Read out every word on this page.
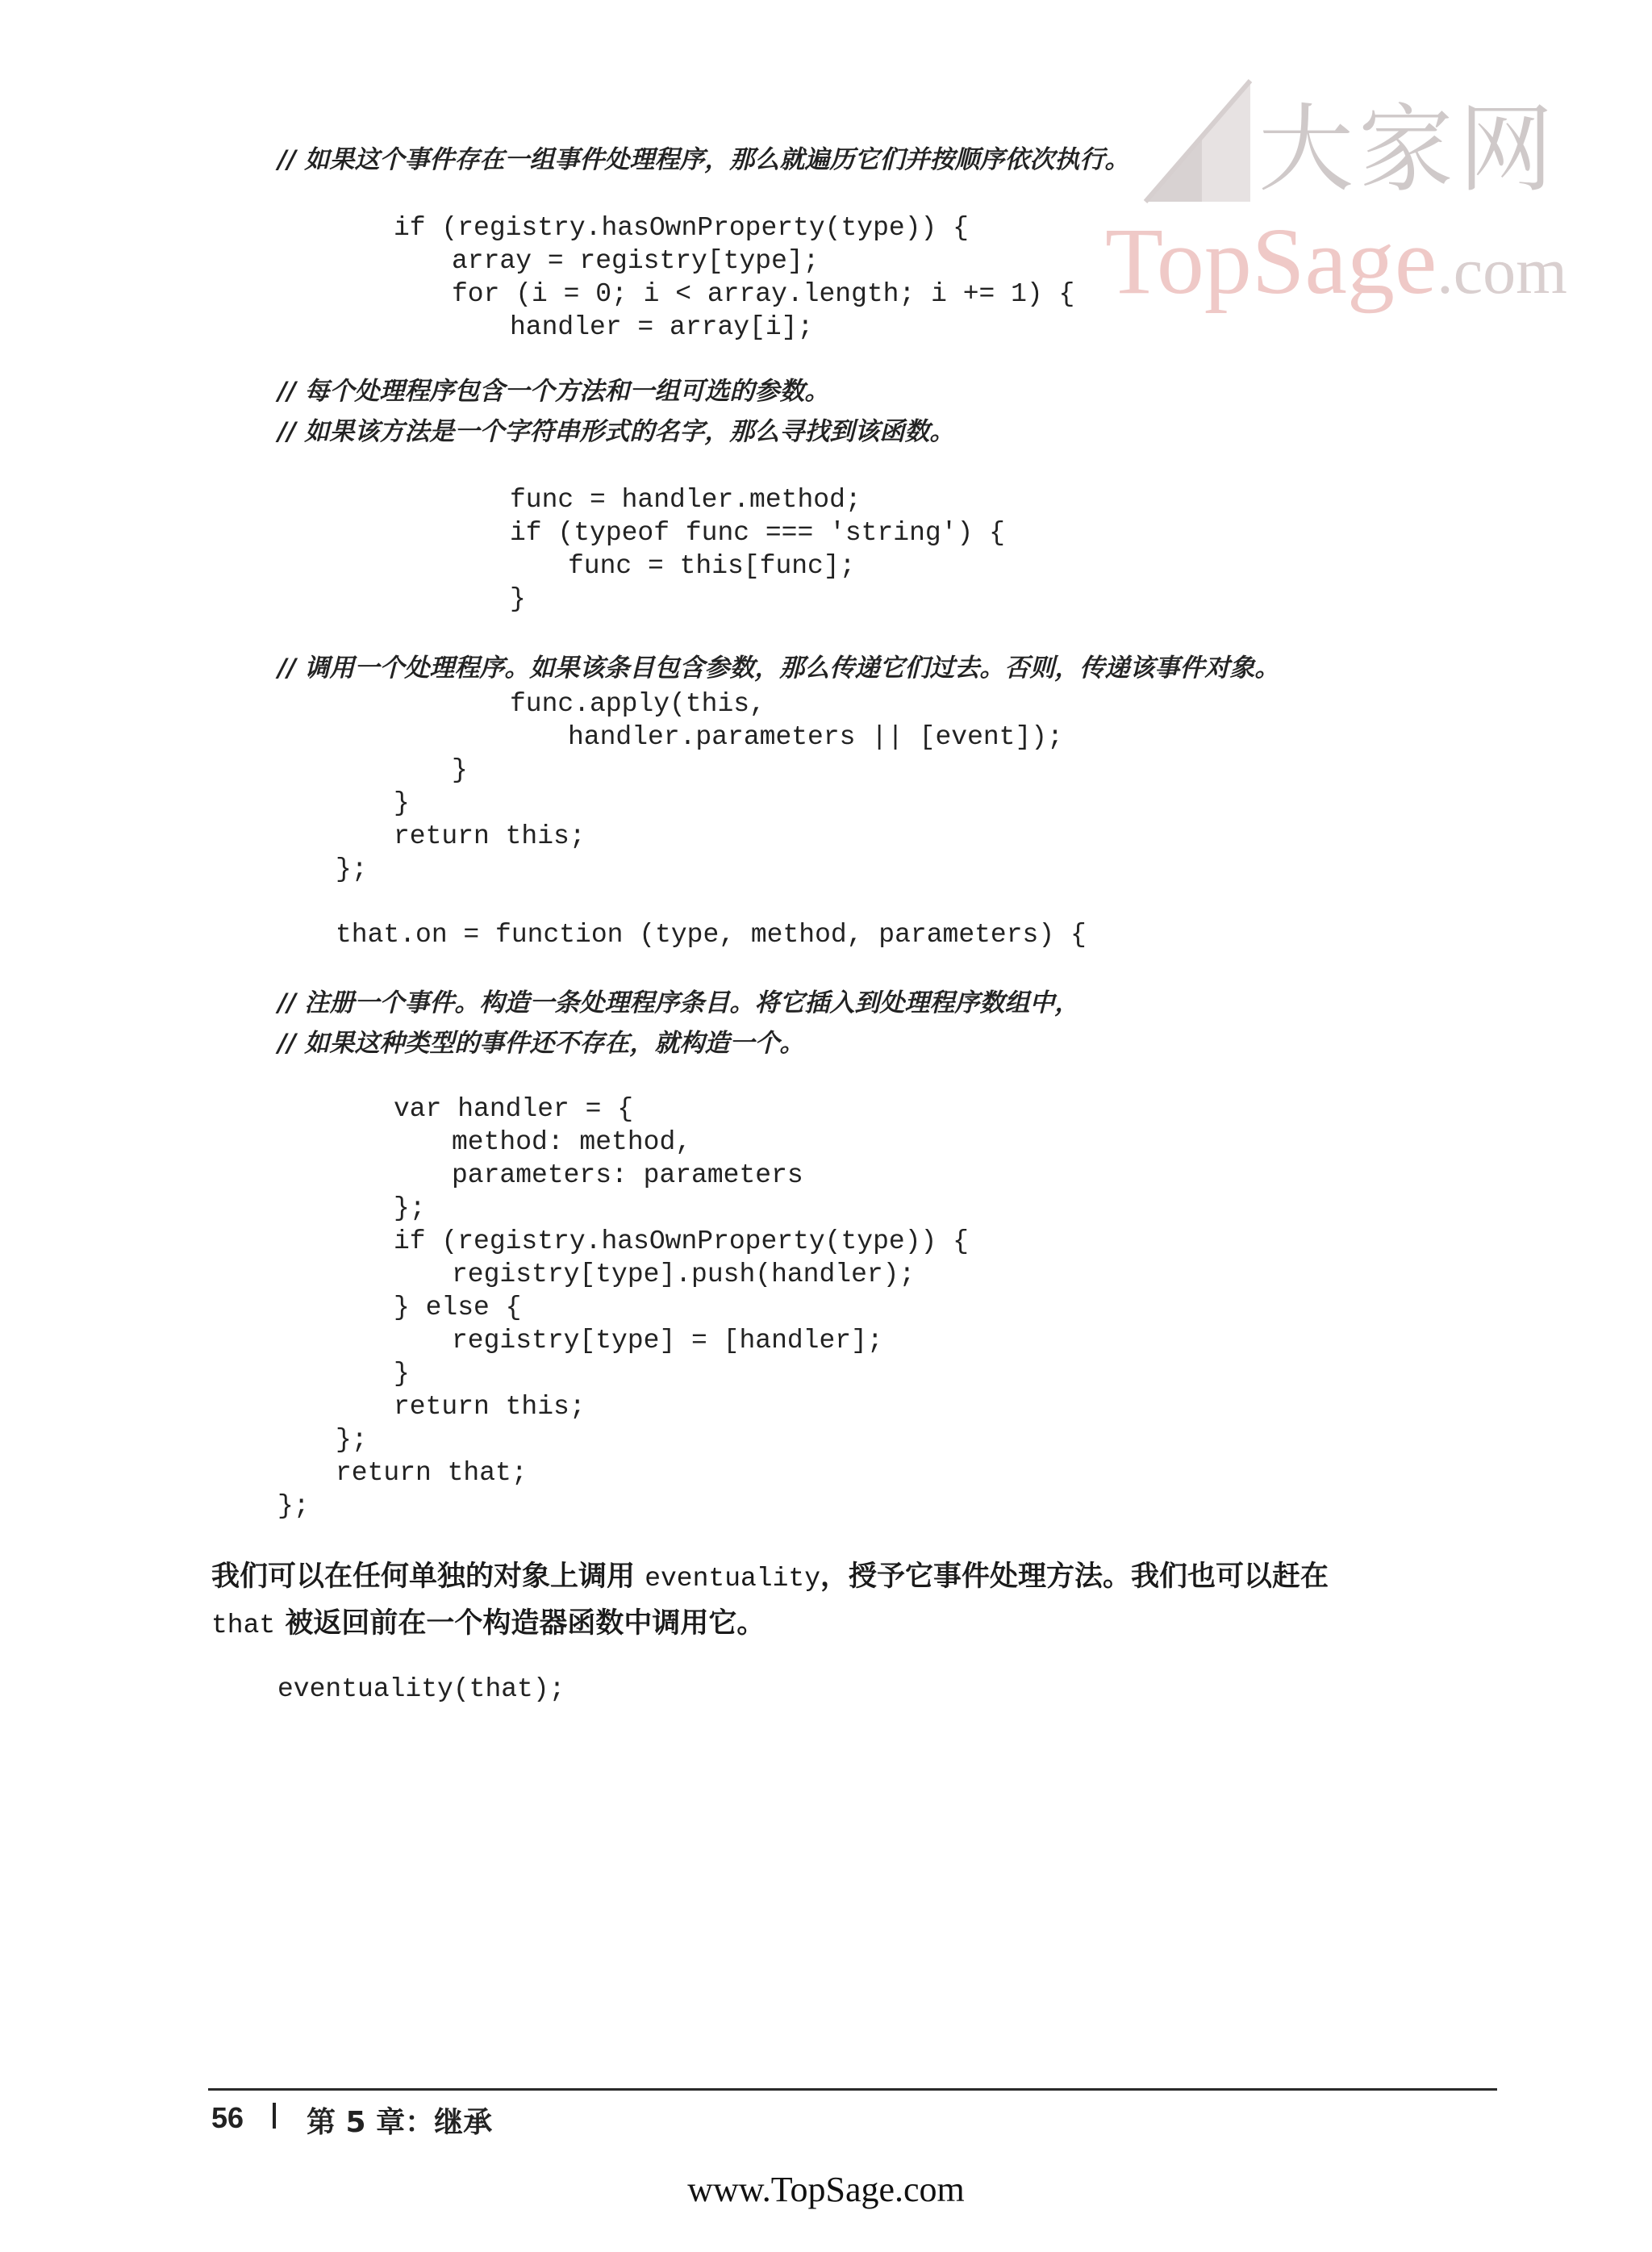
大家网
TopSage.com
// 如果这个事件存在一组事件处理程序，那么就遍历它们并按顺序依次执行。
if (registry.hasOwnProperty(type)) {
array = registry[type];
for (i = 0; i < array.length; i += 1) {
handler = array[i];
// 每个处理程序包含一个方法和一组可选的参数。
// 如果该方法是一个字符串形式的名字，那么寻找到该函数。
func = handler.method;
if (typeof func === 'string') {
func = this[func];
}
// 调用一个处理程序。如果该条目包含参数，那么传递它们过去。否则，传递该事件对象。
func.apply(this,
handler.parameters || [event]);
}
}
return this;
};
that.on = function (type, method, parameters) {
// 注册一个事件。构造一条处理程序条目。将它插入到处理程序数组中，
// 如果这种类型的事件还不存在，就构造一个。
var handler = {
method: method,
parameters: parameters
};
if (registry.hasOwnProperty(type)) {
registry[type].push(handler);
} else {
registry[type] = [handler];
}
return this;
};
return that;
};
我们可以在任何单独的对象上调用 eventuality，授予它事件处理方法。我们也可以赶在
that 被返回前在一个构造器函数中调用它。
eventuality(that);
56 第 5 章：继承
www.TopSage.com
